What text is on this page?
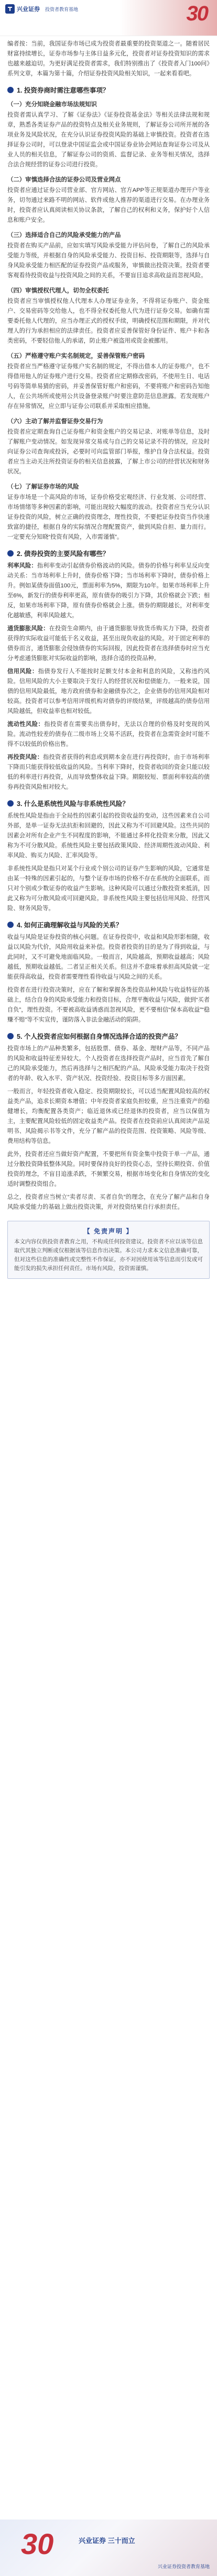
兴业证券 投资者教育基地	30

编者按：当前，我国证券市场已成为投资者最重要的投资渠道之一。随着居民财富持续增长，证券市场参与主体日益多元化，投资者对证券投资知识的需求也越来越迫切。为更好满足投资者需求，我们特别推出了《投资者入门100问》系列文章，本篇为第十篇，介绍证券投资风险相关知识，一起来看看吧。

1. 投资券商时需注意哪些事项？
（一）充分知晓金融市场法规知识

投资者需认真学习、了解《证券法》《证券投资基金法》等相关法律法规和规章，熟悉各类证券产品的投资特点及相关业务规则，了解证券公司所开展的各项业务及风险状况，在充分认识证券投资风险的基础上审慎投资。投资者在选择证券公司时，可以登录中国证监会或中国证券业协会网站查询证券公司及从业人员的相关信息，了解证券公司的资质、监督记录、业务等相关情况，选择合法合规经营的证券公司进行投资。

（二）审慎选择合法的证券公司及营业网点

投资者应通过证券公司营业部、官方网站、官方APP等正规渠道办理开户等业务，切勿通过来路不明的网站、软件或他人推荐的渠道进行交易。在办理业务时，投资者应认真阅读相关协议条款，了解自己的权利和义务，保护好个人信息和账户安全。

（三）选择适合自己的风险承受能力的产品

投资者在购买产品前，应如实填写风险承受能力评估问卷，了解自己的风险承受能力等级，并根据自身的风险承受能力、投资目标、投资期限等，选择与自身风险承受能力相匹配的证券投资产品或服务，审慎做出投资决策。投资者要客观看待投资收益与投资风险之间的关系，不要盲目追求高收益而忽视风险。

（四）审慎授权代理人，切勿全权委托

投资者应当审慎授权他人代理本人办理证券业务，不得将证券账户、资金账户、交易密码等交给他人，也不得全权委托他人代为进行证券交易。如确有需要委托他人代理的，应当办理正式的授权手续，明确授权范围和期限，并对代理人的行为承担相应的法律责任。投资者应妥善保管好身份证件、账户卡和各类密码，不要轻信他人的承诺，防止账户被盗用或资金被挪用。

（五）严格遵守账户实名制规定，妥善保管账户密码

投资者应当严格遵守证券账户实名制的规定，不得出借本人的证券账户，也不得借用他人的证券账户进行交易。投资者应定期修改密码，不使用生日、电话号码等简单易猜的密码，并妥善保管好账户和密码，不要将账户和密码告知他人，在公共场所或使用公共设备登录账户时要注意防范信息泄露。若发现账户存在异常情况，应立即与证券公司联系并采取相应措施。

（六）主动了解并监督证券交易行为

投资者应定期查询自己证券账户和资金账户的交易记录、对账单等信息，及时了解账户变动情况。如发现异常交易或与自己的交易记录不符的情况，应及时向证券公司查询或投诉，必要时可向监管部门举报，维护自身合法权益。投资者应当主动关注所投资证券的相关信息披露，了解上市公司的经营状况和财务状况。

（七）了解证券市场的风险

证券市场是一个高风险的市场，证券价格受宏观经济、行业发展、公司经营、市场情绪等多种因素的影响，可能出现较大幅度的波动。投资者应当充分认识证券投资的风险，树立正确的投资理念，理性投资，不要把证券投资当作快速致富的捷径，根据自身的实际情况合理配置资产，做到风险自担、量力而行。一定要充分知晓“投资有风险，入市需谨慎”。

2. 债券投资的主要风险有哪些？

利率风险：指利率变动引起债券价格波动的风险。债券的价格与利率呈反向变动关系：当市场利率上升时，债券价格下降；当市场利率下降时，债券价格上升。例如某债券面值100元，票面利率为5%，期限为10年。如果市场利率上升至6%，新发行的债券利率更高，原有债券的吸引力下降，其价格就会下跌；相反，如果市场利率下降，原有债券价格就会上涨。债券的期限越长，对利率变化越敏感，利率风险越大。

通货膨胀风险：在投资生命期内，由于通货膨胀导致货币购买力下降，投资者获得的实际收益可能低于名义收益，甚至出现负收益的风险。对于固定利率的债券而言，通货膨胀会侵蚀债券的实际回报，因此投资者在选择债券时应当充分考虑通货膨胀对实际收益的影响，选择合适的投资品种。

信用风险：指债券发行人不能按时足额支付本金和利息的风险，又称违约风险。信用风险的大小主要取决于发行人的经营状况和偿债能力。一般来说，国债的信用风险最低，地方政府债券和金融债券次之，企业债券的信用风险相对较高。投资者可以参考信用评级机构对债券的评级结果，评级越高的债券信用风险越低，但收益率也相对较低。

流动性风险：指投资者在需要卖出债券时，无法以合理的价格及时变现的风险。流动性较差的债券在二级市场上交易不活跃，投资者在急需资金时可能不得不以较低的价格出售。

再投资风险：指投资者获得的利息或到期本金在进行再投资时，由于市场利率下降而只能获得较低收益的风险。当利率下降时，投资者收回的资金只能以较低的利率进行再投资，从而导致整体收益下降。期限较短、票面利率较高的债券再投资风险相对较大。

3. 什么是系统性风险与非系统性风险？

系统性风险是指由于全局性的因素引起的投资收益的变动，这些因素来自公司外部，是单一证券无法抗拒和回避的，因此又称为不可回避风险。这些共同的因素会对所有企业产生不同程度的影响，不能通过多样化投资来分散，因此又称为不可分散风险。系统性风险主要包括政策风险、经济周期性波动风险、利率风险、购买力风险、汇率风险等。

非系统性风险是指只对某个行业或个别公司的证券产生影响的风险，它通常是由某一特殊的因素引起的，与整个证券市场的价格不存在系统的全面联系，而只对个别或少数证券的收益产生影响。这种风险可以通过分散投资来抵消，因此又称为可分散风险或可回避风险。非系统性风险主要包括信用风险、经营风险、财务风险等。

4. 如何正确理解收益与风险的关系？

收益与风险是证券投资的核心问题。在证券投资中，收益和风险形影相随，收益以风险为代价，风险用收益来补偿。投资者投资的目的是为了得到收益，与此同时，又不可避免地面临风险。一般而言，风险越高，预期收益越高；风险越低，预期收益越低。二者呈正相关关系。但这并不意味着承担高风险就一定能获得高收益，投资者需要理性看待收益与风险之间的关系。

投资者在进行投资决策时，应在了解和掌握各类投资品种风险与收益特征的基础上，结合自身的风险承受能力和投资目标，合理平衡收益与风险，做到“买者自负”，理性投资。不要被高收益诱惑而忽视风险，更不要相信“保本高收益”“稳赚不赔”等不实宣传，谨防落入非法金融活动的陷阱。

5. 个人投资者应如何根据自身情况选择合适的投资产品？

投资市场上的产品种类繁多，包括股票、债券、基金、理财产品等，不同产品的风险和收益特征差异较大。个人投资者在选择投资产品时，应当首先了解自己的风险承受能力，然后再选择与之相匹配的产品。风险承受能力取决于投资者的年龄、收入水平、资产状况、投资经验、投资目标等多方面因素。

一般而言，年轻投资者收入稳定、投资期限较长，可以适当配置风险较高的权益类产品，追求长期资本增值；中年投资者家庭负担较重，应当注重资产的稳健增长，均衡配置各类资产；临近退休或已经退休的投资者，应当以保值为主，主要配置风险较低的固定收益类产品。投资者在投资前应认真阅读产品说明书、风险揭示书等文件，充分了解产品的投资范围、投资策略、风险等级、费用结构等信息。

此外，投资者还应当做好资产配置，不要把所有资金集中投资于单一产品，通过分散投资降低整体风险。同时要保持良好的投资心态，坚持长期投资、价值投资的理念，不盲目追涨杀跌，不频繁交易，根据市场变化和自身情况的变化适时调整投资组合。

总之，投资者应当树立“卖者尽责、买者自负”的理念，在充分了解产品和自身风险承受能力的基础上做出投资决策，并对投资结果自行承担责任。

【 免责声明 】

本文内容仅供投资者教育之用，不构成任何投资建议。投资者不应以该等信息取代其独立判断或仅根据该等信息作出决策。本公司力求本文信息准确可靠，但对这些信息的准确性或完整性不作保证，亦不对因使用该等信息而引发或可能引发的损失承担任何责任。市场有风险，投资需谨慎。

30	兴业证券 三十而立
兴业证券投资者教育基地
